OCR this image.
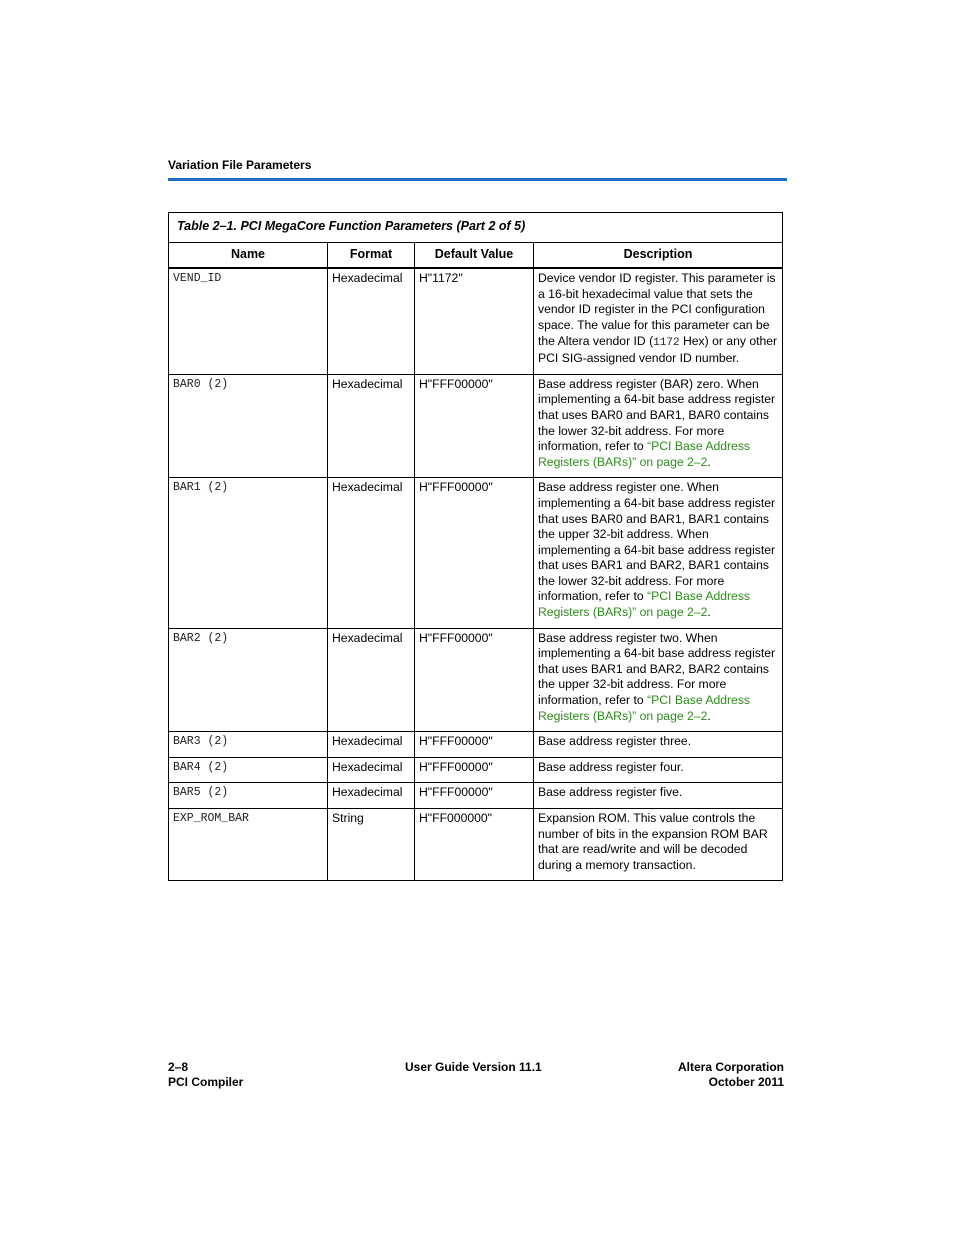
Variation File Parameters
Table 2–1. PCI MegaCore Function Parameters (Part 2 of 5)			
Name	Format	Default Value	Description
VEND_ID	Hexadecimal	H"1172"	Device vendor ID register. This parameter is a 16-bit hexadecimal value that sets the vendor ID register in the PCI configuration space. The value for this parameter can be the Altera vendor ID (1172 Hex) or any other PCI SIG-assigned vendor ID number.
BAR0 (2)	Hexadecimal	H"FFF00000"	Base address register (BAR) zero. When implementing a 64-bit base address register that uses BAR0 and BAR1, BAR0 contains the lower 32-bit address. For more information, refer to “PCI Base Address Registers (BARs)” on page 2–2.
BAR1 (2)	Hexadecimal	H"FFF00000"	Base address register one. When implementing a 64-bit base address register that uses BAR0 and BAR1, BAR1 contains the upper 32-bit address. When implementing a 64-bit base address register that uses BAR1 and BAR2, BAR1 contains the lower 32-bit address. For more information, refer to “PCI Base Address Registers (BARs)” on page 2–2.
BAR2 (2)	Hexadecimal	H"FFF00000"	Base address register two. When implementing a 64-bit base address register that uses BAR1 and BAR2, BAR2 contains the upper 32-bit address. For more information, refer to “PCI Base Address Registers (BARs)” on page 2–2.
BAR3 (2)	Hexadecimal	H"FFF00000"	Base address register three.
BAR4 (2)	Hexadecimal	H"FFF00000"	Base address register four.
BAR5 (2)	Hexadecimal	H"FFF00000"	Base address register five.
EXP_ROM_BAR	String	H"FF000000"	Expansion ROM. This value controls the number of bits in the expansion ROM BAR that are read/write and will be decoded during a memory transaction.
2–8
PCI Compiler
User Guide Version 11.1	Altera Corporation
October 2011
